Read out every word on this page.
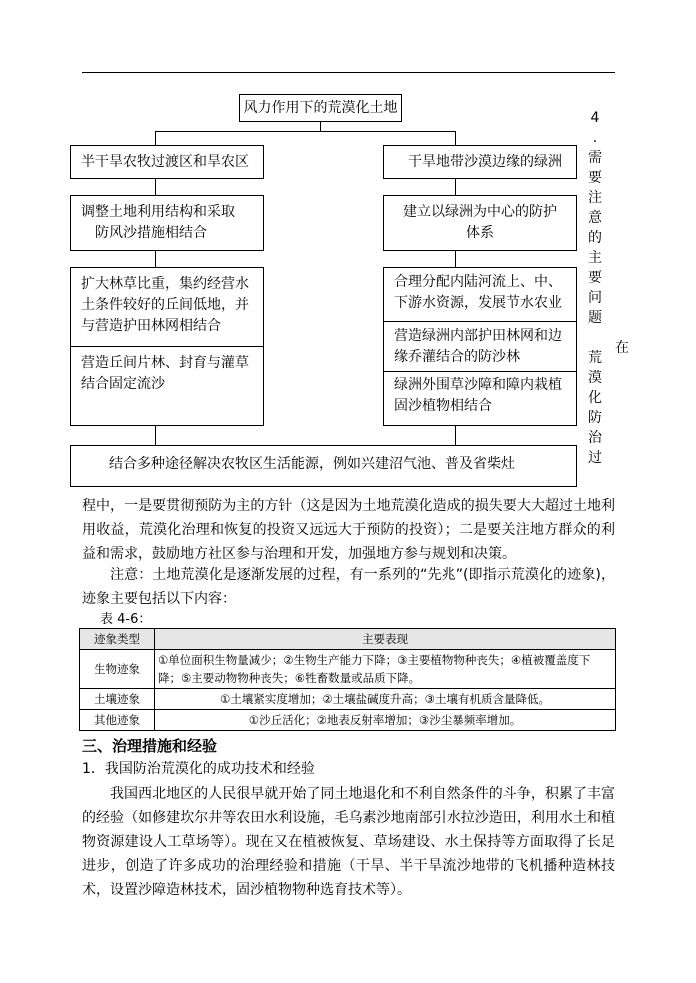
风力作用下的荒漠化土地
半干旱农牧过渡区和旱农区	干旱地带沙漠边缘的绿洲
调整土地利用结构和采取
防风沙措施相结合
建立以绿洲为中心的防护
体系
扩大林草比重，集约经营水
土条件较好的丘间低地，并
与营造护田林网相结合
营造丘间片林、封育与灌草
结合固定流沙
合理分配内陆河流上、中、
下游水资源，发展节水农业
营造绿洲内部护田林网和边
缘乔灌结合的防沙林
绿洲外围草沙障和障内栽植
固沙植物相结合
结合多种途径解决农牧区生活能源，例如兴建沼气池、普及省柴灶
4
.
需
要
注
意
的
主
要
问
题
荒
漠
化
防
治
过
在
程中，一是要贯彻预防为主的方针（这是因为土地荒漠化造成的损失要大大超过土地利用收益，荒漠化治理和恢复的投资又远远大于预防的投资）；二是要关注地方群众的利益和需求，鼓励地方社区参与治理和开发，加强地方参与规划和决策。
注意：土地荒漠化是逐渐发展的过程，有一系列的“先兆”(即指示荒漠化的迹象)，迹象主要包括以下内容：
表 4-6：
迹象类型	主要表现
生物迹象	①单位面积生物量减少；②生物生产能力下降；③主要植物物种丧失；④植被覆盖度下降；⑤主要动物物种丧失；⑥牲畜数量或品质下降。
土壤迹象	①土壤紧实度增加；②土壤盐碱度升高；③土壤有机质含量降低。
其他迹象	①沙丘活化；②地表反射率增加；③沙尘暴频率增加。
三、治理措施和经验
1．我国防治荒漠化的成功技术和经验
我国西北地区的人民很早就开始了同土地退化和不利自然条件的斗争，积累了丰富的经验（如修建坎尔井等农田水利设施，毛乌素沙地南部引水拉沙造田，利用水土和植物资源建设人工草场等）。现在又在植被恢复、草场建设、水土保持等方面取得了长足进步，创造了许多成功的治理经验和措施（干旱、半干旱流沙地带的飞机播种造林技术，设置沙障造林技术，固沙植物物种选育技术等）。
